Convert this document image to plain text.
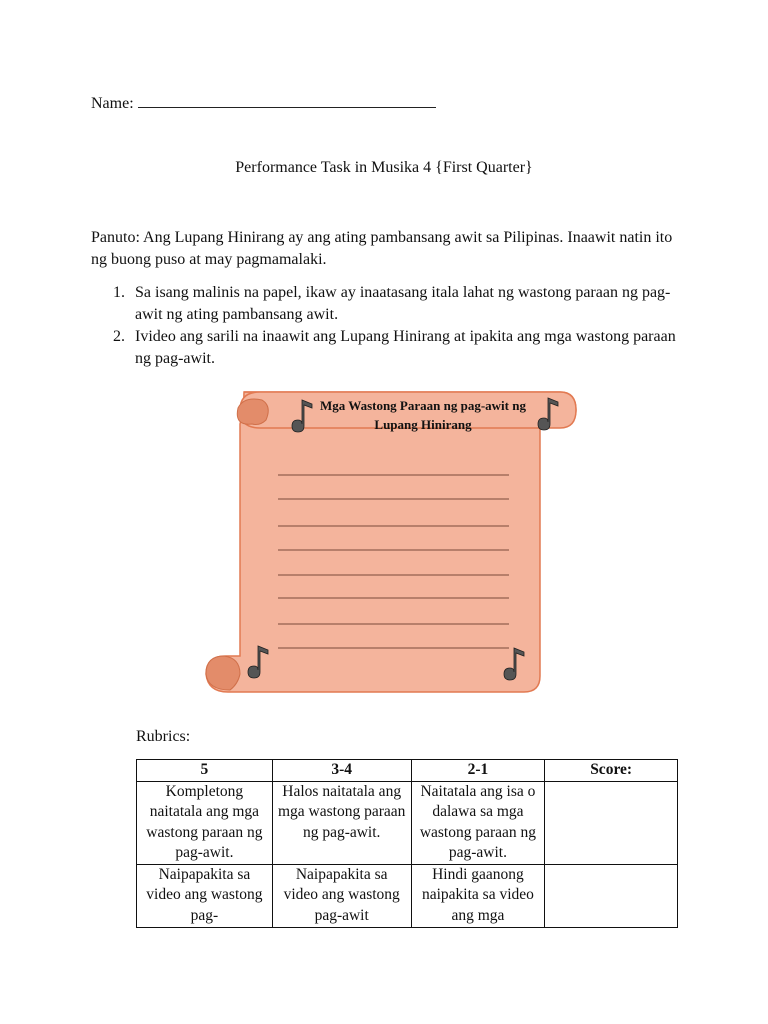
Name:
Performance Task in Musika 4 {First Quarter}
Panuto: Ang Lupang Hinirang ay ang ating pambansang awit sa Pilipinas. Inaawit natin ito ng buong puso at may pagmamalaki.
1. Sa isang malinis na papel, ikaw ay inaatasang itala lahat ng wastong paraan ng pag-awit ng ating pambansang awit.
2. Ivideo ang sarili na inaawit ang Lupang Hinirang at ipakita ang mga wastong paraan ng pag-awit.
Mga Wastong Paraan ng pag-awit ng Lupang Hinirang
Rubrics:
5	3-4	2-1	Score:
Kompletong naitatala ang mga wastong paraan ng pag-awit.	Halos naitatala ang mga wastong paraan ng pag-awit.	Naitatala ang isa o dalawa sa mga wastong paraan ng pag-awit.	

Naipapakita sa video ang wastong pag-	Naipapakita sa video ang wastong pag-awit	Hindi gaanong naipakita sa video ang mga	
